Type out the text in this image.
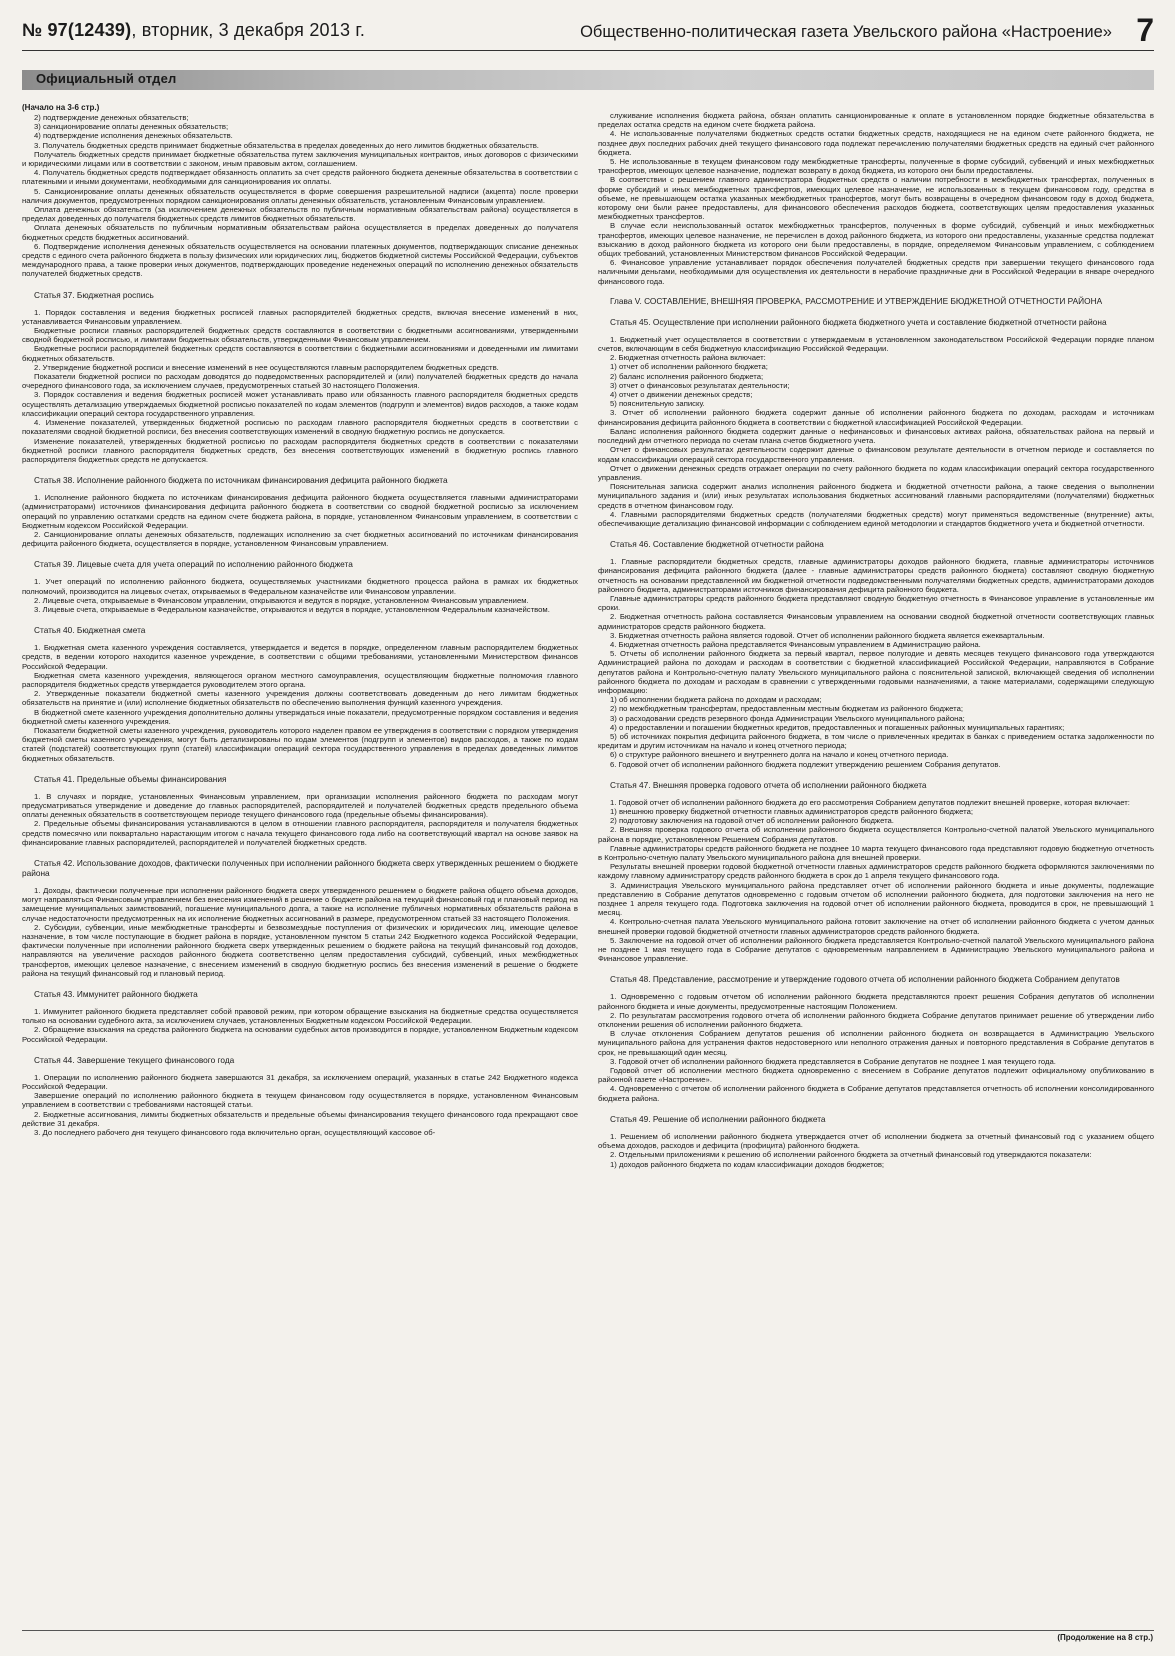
№ 97(12439), вторник, 3 декабря 2013 г.	Общественно-политическая газета Увельского района «Настроение» 7
Официальный отдел
(Начало на 3-6 стр.)

2) подтверждение денежных обязательств;

3) санкционирование оплаты денежных обязательств;

4) подтверждение исполнения денежных обязательств.

3. Получатель бюджетных средств принимает бюджетные обязательства в пределах доведенных до него лимитов бюджетных обязательств.

Получатель бюджетных средств принимает бюджетные обязательства путем заключения муниципальных контрактов, иных договоров с физическими и юридическими лицами или в соответствии с законом, иным правовым актом, соглашением.

4. Получатель бюджетных средств подтверждает обязанность оплатить за счет средств районного бюджета денежные обязательства в соответствии с платежными и иными документами, необходимыми для санкционирования их оплаты.

5. Санкционирование оплаты денежных обязательств осуществляется в форме совершения разрешительной надписи (акцепта) после проверки наличия документов, предусмотренных порядком санкционирования оплаты денежных обязательств, установленным Финансовым управлением.

Оплата денежных обязательств (за исключением денежных обязательств по публичным нормативным обязательствам района) осуществляется в пределах доведенных до получателя бюджетных средств лимитов бюджетных обязательств.

Оплата денежных обязательств по публичным нормативным обязательствам района осуществляется в пределах доведенных до получателя бюджетных средств бюджетных ассигнований.

6. Подтверждение исполнения денежных обязательств осуществляется на основании платежных документов, подтверждающих списание денежных средств с единого счета районного бюджета в пользу физических или юридических лиц, бюджетов бюджетной системы Российской Федерации, субъектов международного права, а также проверки иных документов, подтверждающих проведение неденежных операций по исполнению денежных обязательств получателей бюджетных средств.

Статья 37. Бюджетная роспись

1. Порядок составления и ведения бюджетных росписей главных распорядителей бюджетных средств, включая внесение изменений в них, устанавливается Финансовым управлением.

Бюджетные росписи главных распорядителей бюджетных средств составляются в соответствии с бюджетными ассигнованиями, утвержденными сводной бюджетной росписью, и лимитами бюджетных обязательств, утвержденными Финансовым управлением.

Бюджетные росписи распорядителей бюджетных средств составляются в соответствии с бюджетными ассигнованиями и доведенными им лимитами бюджетных обязательств.

2. Утверждение бюджетной росписи и внесение изменений в нее осуществляются главным распорядителем бюджетных средств.

Показатели бюджетной росписи по расходам доводятся до подведомственных распорядителей и (или) получателей бюджетных средств до начала очередного финансового года, за исключением случаев, предусмотренных статьей 30 настоящего Положения.

3. Порядок составления и ведения бюджетных росписей может устанавливать право или обязанность главного распорядителя бюджетных средств осуществлять детализацию утверждаемых бюджетной росписью показателей по кодам элементов (подгрупп и элементов) видов расходов, а также кодам классификации операций сектора государственного управления.

4. Изменение показателей, утвержденных бюджетной росписью по расходам главного распорядителя бюджетных средств в соответствии с показателями сводной бюджетной росписи, без внесения соответствующих изменений в сводную бюджетную роспись не допускается.

Изменение показателей, утвержденных бюджетной росписью по расходам распорядителя бюджетных средств в соответствии с показателями бюджетной росписи главного распорядителя бюджетных средств, без внесения соответствующих изменений в бюджетную роспись главного распорядителя бюджетных средств не допускается.

Статья 38. Исполнение районного бюджета по источникам финансирования дефицита районного бюджета

1. Исполнение районного бюджета по источникам финансирования дефицита районного бюджета осуществляется главными администраторами (администраторами) источников финансирования дефицита районного бюджета в соответствии со сводной бюджетной росписью за исключением операций по управлению остатками средств на едином счете бюджета района, в порядке, установленном Финансовым управлением, в соответствии с Бюджетным кодексом Российской Федерации.

2. Санкционирование оплаты денежных обязательств, подлежащих исполнению за счет бюджетных ассигнований по источникам финансирования дефицита районного бюджета, осуществляется в порядке, установленном Финансовым управлением.

Статья 39. Лицевые счета для учета операций по исполнению районного бюджета

1. Учет операций по исполнению районного бюджета, осуществляемых участниками бюджетного процесса района в рамках их бюджетных полномочий, производится на лицевых счетах, открываемых в Федеральном казначействе или Финансовом управлении.

2. Лицевые счета, открываемые в Финансовом управлении, открываются и ведутся в порядке, установленном Финансовым управлением.

3. Лицевые счета, открываемые в Федеральном казначействе, открываются и ведутся в порядке, установленном Федеральным казначейством.

Статья 40. Бюджетная смета

1. Бюджетная смета казенного учреждения составляется, утверждается и ведется в порядке, определенном главным распорядителем бюджетных средств, в ведении которого находится казенное учреждение, в соответствии с общими требованиями, установленными Министерством финансов Российской Федерации.

Бюджетная смета казенного учреждения, являющегося органом местного самоуправления, осуществляющим бюджетные полномочия главного распорядителя бюджетных средств утверждается руководителем этого органа.

2. Утвержденные показатели бюджетной сметы казенного учреждения должны соответствовать доведенным до него лимитам бюджетных обязательств на принятие и (или) исполнение бюджетных обязательств по обеспечению выполнения функций казенного учреждения.

В бюджетной смете казенного учреждения дополнительно должны утверждаться иные показатели, предусмотренные порядком составления и ведения бюджетной сметы казенного учреждения.

Показатели бюджетной сметы казенного учреждения, руководитель которого наделен правом ее утверждения в соответствии с порядком утверждения бюджетной сметы казенного учреждения, могут быть детализированы по кодам элементов (подгрупп и элементов) видов расходов, а также по кодам статей (подстатей) соответствующих групп (статей) классификации операций сектора государственного управления в пределах доведенных лимитов бюджетных обязательств.

Статья 41. Предельные объемы финансирования

1. В случаях и порядке, установленных Финансовым управлением, при организации исполнения районного бюджета по расходам могут предусматриваться утверждение и доведение до главных распорядителей, распорядителей и получателей бюджетных средств предельного объема оплаты денежных обязательств в соответствующем периоде текущего финансового года (предельные объемы финансирования).

2. Предельные объемы финансирования устанавливаются в целом в отношении главного распорядителя, распорядителя и получателя бюджетных средств помесячно или поквартально нарастающим итогом с начала текущего финансового года либо на соответствующий квартал на основе заявок на финансирование главных распорядителей, распорядителей и получателей бюджетных средств.

Статья 42. Использование доходов, фактически полученных при исполнении районного бюджета сверх утвержденных решением о бюджете района

1. Доходы, фактически полученные при исполнении районного бюджета сверх утвержденного решением о бюджете района общего объема доходов, могут направляться Финансовым управлением без внесения изменений в решение о бюджете района на текущий финансовый год и плановый период на замещение муниципальных заимствований, погашение муниципального долга, а также на исполнение публичных нормативных обязательств района в случае недостаточности предусмотренных на их исполнение бюджетных ассигнований в размере, предусмотренном статьей 33 настоящего Положения.

2. Субсидии, субвенции, иные межбюджетные трансферты и безвозмездные поступления от физических и юридических лиц, имеющие целевое назначение, в том числе поступающие в бюджет района в порядке, установленном пунктом 5 статьи 242 Бюджетного кодекса Российской Федерации, фактически полученные при исполнении районного бюджета сверх утвержденных решением о бюджете района на текущий финансовый год доходов, направляются на увеличение расходов районного бюджета соответственно целям предоставления субсидий, субвенций, иных межбюджетных трансфертов, имеющих целевое назначение, с внесением изменений в сводную бюджетную роспись без внесения изменений в решение о бюджете района на текущий финансовый год и плановый период.

Статья 43. Иммунитет районного бюджета

1. Иммунитет районного бюджета представляет собой правовой режим, при котором обращение взыскания на бюджетные средства осуществляется только на основании судебного акта, за исключением случаев, установленных Бюджетным кодексом Российской Федерации.

2. Обращение взыскания на средства районного бюджета на основании судебных актов производится в порядке, установленном Бюджетным кодексом Российской Федерации.

Статья 44. Завершение текущего финансового года

1. Операции по исполнению районного бюджета завершаются 31 декабря, за исключением операций, указанных в статье 242 Бюджетного кодекса Российской Федерации.

Завершение операций по исполнению районного бюджета в текущем финансовом году осуществляется в порядке, установленном Финансовым управлением в соответствии с требованиями настоящей статьи.

2. Бюджетные ассигнования, лимиты бюджетных обязательств и предельные объемы финансирования текущего финансового года прекращают свое действие 31 декабря.

3. До последнего рабочего дня текущего финансового года включительно орган, осуществляющий кассовое об-

служивание исполнения бюджета района, обязан оплатить санкционированные к оплате в установленном порядке бюджетные обязательства в пределах остатка средств на едином счете бюджета района.

4. Не использованные получателями бюджетных средств остатки бюджетных средств, находящиеся не на едином счете районного бюджета, не позднее двух последних рабочих дней текущего финансового года подлежат перечислению получателями бюджетных средств на единый счет районного бюджета.

5. Не использованные в текущем финансовом году межбюджетные трансферты, полученные в форме субсидий, субвенций и иных межбюджетных трансфертов, имеющих целевое назначение, подлежат возврату в доход бюджета, из которого они были предоставлены.

В соответствии с решением главного администратора бюджетных средств о наличии потребности в межбюджетных трансфертах, полученных в форме субсидий и иных межбюджетных трансфертов, имеющих целевое назначение, не использованных в текущем финансовом году, средства в объеме, не превышающем остатка указанных межбюджетных трансфертов, могут быть возвращены в очередном финансовом году в доход бюджета, которому они были ранее предоставлены, для финансового обеспечения расходов бюджета, соответствующих целям предоставления указанных межбюджетных трансфертов.

В случае если неиспользованный остаток межбюджетных трансфертов, полученных в форме субсидий, субвенций и иных межбюджетных трансфертов, имеющих целевое назначение, не перечислен в доход районного бюджета, из которого они предоставлены, указанные средства подлежат взысканию в доход районного бюджета из которого они были предоставлены, в порядке, определяемом Финансовым управлением, с соблюдением общих требований, установленных Министерством финансов Российской Федерации.

6. Финансовое управление устанавливает порядок обеспечения получателей бюджетных средств при завершении текущего финансового года наличными деньгами, необходимыми для осуществления их деятельности в нерабочие праздничные дни в Российской Федерации в январе очередного финансового года.

Глава V. СОСТАВЛЕНИЕ, ВНЕШНЯЯ ПРОВЕРКА, РАССМОТРЕНИЕ И УТВЕРЖДЕНИЕ БЮДЖЕТНОЙ ОТЧЕТНОСТИ РАЙОНА
Статья 45. Осуществление при исполнении районного бюджета бюджетного учета и составление бюджетной отчетности района

1. Бюджетный учет осуществляется в соответствии с утверждаемым в установленном законодательством Российской Федерации порядке планом счетов, включающим в себя бюджетную классификацию Российской Федерации.

2. Бюджетная отчетность района включает:

1) отчет об исполнении районного бюджета;

2) баланс исполнения районного бюджета;

3) отчет о финансовых результатах деятельности;

4) отчет о движении денежных средств;

5) пояснительную записку.

3. Отчет об исполнении районного бюджета содержит данные об исполнении районного бюджета по доходам, расходам и источникам финансирования дефицита районного бюджета в соответствии с бюджетной классификацией Российской Федерации.

Баланс исполнения районного бюджета содержит данные о нефинансовых и финансовых активах района, обязательствах района на первый и последний дни отчетного периода по счетам плана счетов бюджетного учета.

Отчет о финансовых результатах деятельности содержит данные о финансовом результате деятельности в отчетном периоде и составляется по кодам классификации операций сектора государственного управления.

Отчет о движении денежных средств отражает операции по счету районного бюджета по кодам классификации операций сектора государственного управления.

Пояснительная записка содержит анализ исполнения районного бюджета и бюджетной отчетности района, а также сведения о выполнении муниципального задания и (или) иных результатах использования бюджетных ассигнований главными распорядителями (получателями) бюджетных средств в отчетном финансовом году.

4. Главными распорядителями бюджетных средств (получателями бюджетных средств) могут применяться ведомственные (внутренние) акты, обеспечивающие детализацию финансовой информации с соблюдением единой методологии и стандартов бюджетного учета и бюджетной отчетности.

Статья 46. Составление бюджетной отчетности района

1. Главные распорядители бюджетных средств, главные администраторы доходов районного бюджета, главные администраторы источников финансирования дефицита районного бюджета (далее - главные администраторы средств районного бюджета) составляют сводную бюджетную отчетность на основании представленной им бюджетной отчетности подведомственными получателями бюджетных средств, администраторами доходов районного бюджета, администраторами источников финансирования дефицита районного бюджета.

Главные администраторы средств районного бюджета представляют сводную бюджетную отчетность в Финансовое управление в установленные им сроки.

2. Бюджетная отчетность района составляется Финансовым управлением на основании сводной бюджетной отчетности соответствующих главных администраторов средств районного бюджета.

3. Бюджетная отчетность района является годовой. Отчет об исполнении районного бюджета является ежеквартальным.

4. Бюджетная отчетность района представляется Финансовым управлением в Администрацию района.

5. Отчеты об исполнении районного бюджета за первый квартал, первое полугодие и девять месяцев текущего финансового года утверждаются Администрацией района по доходам и расходам в соответствии с бюджетной классификацией Российской Федерации, направляются в Собрание депутатов района и Контрольно-счетную палату Увельского муниципального района с пояснительной запиской, включающей сведения об исполнении районного бюджета по доходам и расходам в сравнении с утвержденными годовыми назначениями, а также материалами, содержащими следующую информацию:

1) об исполнении бюджета района по доходам и расходам;

2) по межбюджетным трансфертам, предоставленным местным бюджетам из районного бюджета;

3) о расходовании средств резервного фонда Администрации Увельского муниципального района;

4) о предоставлении и погашении бюджетных кредитов, предоставленных и погашенных районных муниципальных гарантиях;

5) об источниках покрытия дефицита районного бюджета, в том числе о привлеченных кредитах в банках с приведением остатка задолженности по кредитам и другим источникам на начало и конец отчетного периода;

6) о структуре районного внешнего и внутреннего долга на начало и конец отчетного периода.

6. Годовой отчет об исполнении районного бюджета подлежит утверждению решением Собрания депутатов.

Статья 47. Внешняя проверка годового отчета об исполнении районного бюджета

1. Годовой отчет об исполнении районного бюджета до его рассмотрения Собранием депутатов подлежит внешней проверке, которая включает:

1) внешнюю проверку бюджетной отчетности главных администраторов средств районного бюджета;

2) подготовку заключения на годовой отчет об исполнении районного бюджета.

2. Внешняя проверка годового отчета об исполнении районного бюджета осуществляется Контрольно-счетной палатой Увельского муниципального района в порядке, установленном Решением Собрания депутатов.

Главные администраторы средств районного бюджета не позднее 10 марта текущего финансового года представляют годовую бюджетную отчетность в Контрольно-счетную палату Увельского муниципального района для внешней проверки.

Результаты внешней проверки годовой бюджетной отчетности главных администраторов средств районного бюджета оформляются заключениями по каждому главному администратору средств районного бюджета в срок до 1 апреля текущего финансового года.

3. Администрация Увельского муниципального района представляет отчет об исполнении районного бюджета и иные документы, подлежащие представлению в Собрание депутатов одновременно с годовым отчетом об исполнении районного бюджета, для подготовки заключения на него не позднее 1 апреля текущего года. Подготовка заключения на годовой отчет об исполнении районного бюджета, проводится в срок, не превышающий 1 месяц.

4. Контрольно-счетная палата Увельского муниципального района готовит заключение на отчет об исполнении районного бюджета с учетом данных внешней проверки годовой бюджетной отчетности главных администраторов средств районного бюджета.

5. Заключение на годовой отчет об исполнении районного бюджета представляется Контрольно-счетной палатой Увельского муниципального района не позднее 1 мая текущего года в Собрание депутатов с одновременным направлением в Администрацию Увельского муниципального района и Финансовое управление.

Статья 48. Представление, рассмотрение и утверждение годового отчета об исполнении районного бюджета Собранием депутатов

1. Одновременно с годовым отчетом об исполнении районного бюджета представляются проект решения Собрания депутатов об исполнении районного бюджета и иные документы, предусмотренные настоящим Положением.

2. По результатам рассмотрения годового отчета об исполнении районного бюджета Собрание депутатов принимает решение об утверждении либо отклонении решения об исполнении районного бюджета.

В случае отклонения Собранием депутатов решения об исполнении районного бюджета он возвращается в Администрацию Увельского муниципального района для устранения фактов недостоверного или неполного отражения данных и повторного представления в Собрание депутатов в срок, не превышающий один месяц.

3. Годовой отчет об исполнении районного бюджета представляется в Собрание депутатов не позднее 1 мая текущего года.

Годовой отчет об исполнении местного бюджета одновременно с внесением в Собрание депутатов подлежит официальному опубликованию в районной газете «Настроение».

4. Одновременно с отчетом об исполнении районного бюджета в Собрание депутатов представляется отчетность об исполнении консолидированного бюджета района.

Статья 49. Решение об исполнении районного бюджета

1. Решением об исполнении районного бюджета утверждается отчет об исполнении бюджета за отчетный финансовый год с указанием общего объема доходов, расходов и дефицита (профицита) районного бюджета.

2. Отдельными приложениями к решению об исполнении районного бюджета за отчетный финансовый год утверждаются показатели:

1) доходов районного бюджета по кодам классификации доходов бюджетов;

(Продолжение на 8 стр.)
